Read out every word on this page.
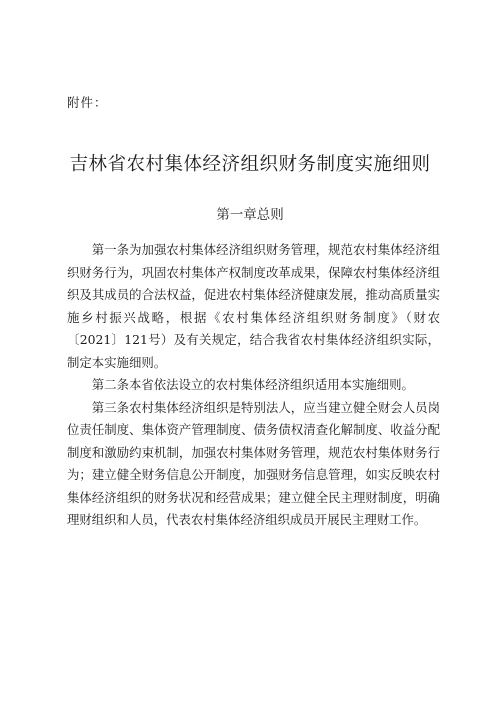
附件：
吉林省农村集体经济组织财务制度实施细则
第一章总则

第一条为加强农村集体经济组织财务管理，规范农村集体经济组织财务行为，巩固农村集体产权制度改革成果，保障农村集体经济组织及其成员的合法权益，促进农村集体经济健康发展，推动高质量实施乡村振兴战略，根据《农村集体经济组织财务制度》（财农〔2021〕121号）及有关规定，结合我省农村集体经济组织实际，制定本实施细则。

第二条本省依法设立的农村集体经济组织适用本实施细则。

第三条农村集体经济组织是特别法人，应当建立健全财会人员岗位责任制度、集体资产管理制度、债务债权清查化解制度、收益分配制度和激励约束机制，加强农村集体财务管理，规范农村集体财务行为；建立健全财务信息公开制度，加强财务信息管理，如实反映农村集体经济组织的财务状况和经营成果；建立健全民主理财制度，明确理财组织和人员，代表农村集体经济组织成员开展民主理财工作。
